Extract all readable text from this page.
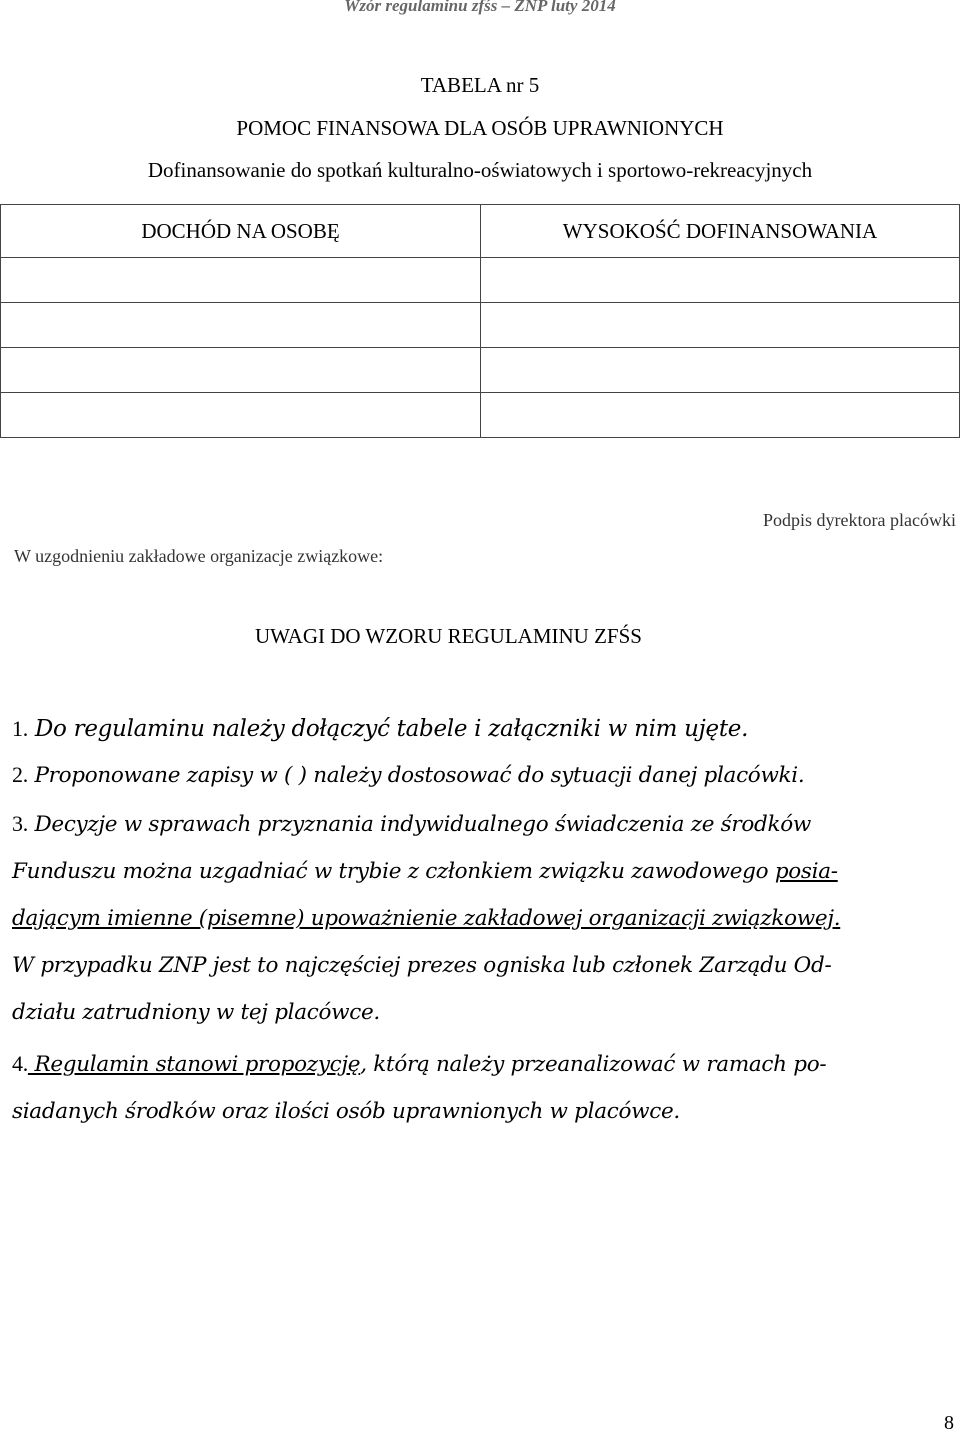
Wzór regulaminu zfśs – ZNP luty 2014
TABELA nr 5
POMOC FINANSOWA DLA OSÓB UPRAWNIONYCH
Dofinansowanie do spotkań kulturalno-oświatowych i sportowo-rekreacyjnych
DOCHÓD NA OSOBĘ	WYSOKOŚĆ DOFINANSOWANIA

Podpis dyrektora placówki
W uzgodnieniu zakładowe organizacje związkowe:
UWAGI DO WZORU REGULAMINU ZFŚS
1. Do regulaminu należy dołączyć tabele i załączniki w nim ujęte.
2. Proponowane zapisy w ( ) należy dostosować do sytuacji danej placówki.
3. Decyzje w sprawach przyznania indywidualnego świadczenia ze środków
Funduszu można uzgadniać w trybie z członkiem związku zawodowego posia-
dającym imienne (pisemne) upoważnienie zakładowej organizacji związkowej.
W przypadku ZNP jest to najczęściej prezes ogniska lub członek Zarządu Od-
działu zatrudniony w tej placówce.
4. Regulamin stanowi propozycję, którą należy przeanalizować w ramach po-
siadanych środków oraz ilości osób uprawnionych w placówce.
8
